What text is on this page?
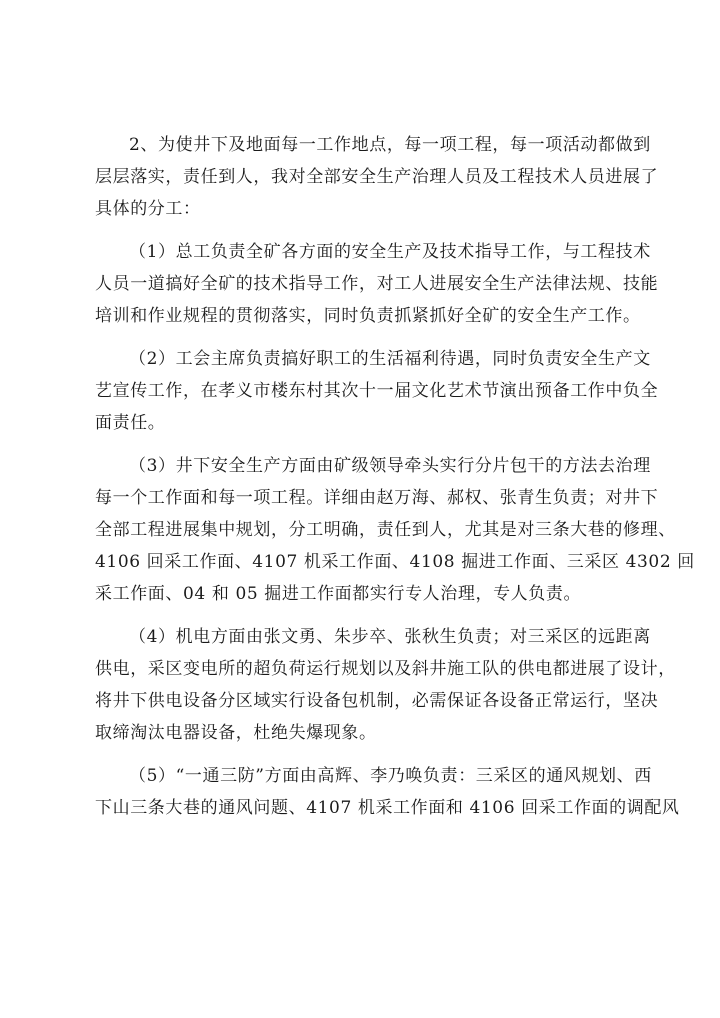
2、为使井下及地面每一工作地点，每一项工程，每一项活动都做到
层层落实，责任到人，我对全部安全生产治理人员及工程技术人员进展了
具体的分工：
（1）总工负责全矿各方面的安全生产及技术指导工作，与工程技术
人员一道搞好全矿的技术指导工作，对工人进展安全生产法律法规、技能
培训和作业规程的贯彻落实，同时负责抓紧抓好全矿的安全生产工作。
（2）工会主席负责搞好职工的生活福利待遇，同时负责安全生产文
艺宣传工作，在孝义市楼东村其次十一届文化艺术节演出预备工作中负全
面责任。
（3）井下安全生产方面由矿级领导牵头实行分片包干的方法去治理
每一个工作面和每一项工程。详细由赵万海、郝权、张青生负责；对井下
全部工程进展集中规划，分工明确，责任到人，尤其是对三条大巷的修理、
4106 回采工作面、4107 机采工作面、4108 掘进工作面、三采区 4302 回
采工作面、04 和 05 掘进工作面都实行专人治理，专人负责。
（4）机电方面由张文勇、朱步卒、张秋生负责；对三采区的远距离
供电，采区变电所的超负荷运行规划以及斜井施工队的供电都进展了设计，
将井下供电设备分区域实行设备包机制，必需保证各设备正常运行，坚决
取缔淘汰电器设备，杜绝失爆现象。
（5）“一通三防”方面由高辉、李乃唤负责：三采区的通风规划、西
下山三条大巷的通风问题、4107 机采工作面和 4106 回采工作面的调配风
